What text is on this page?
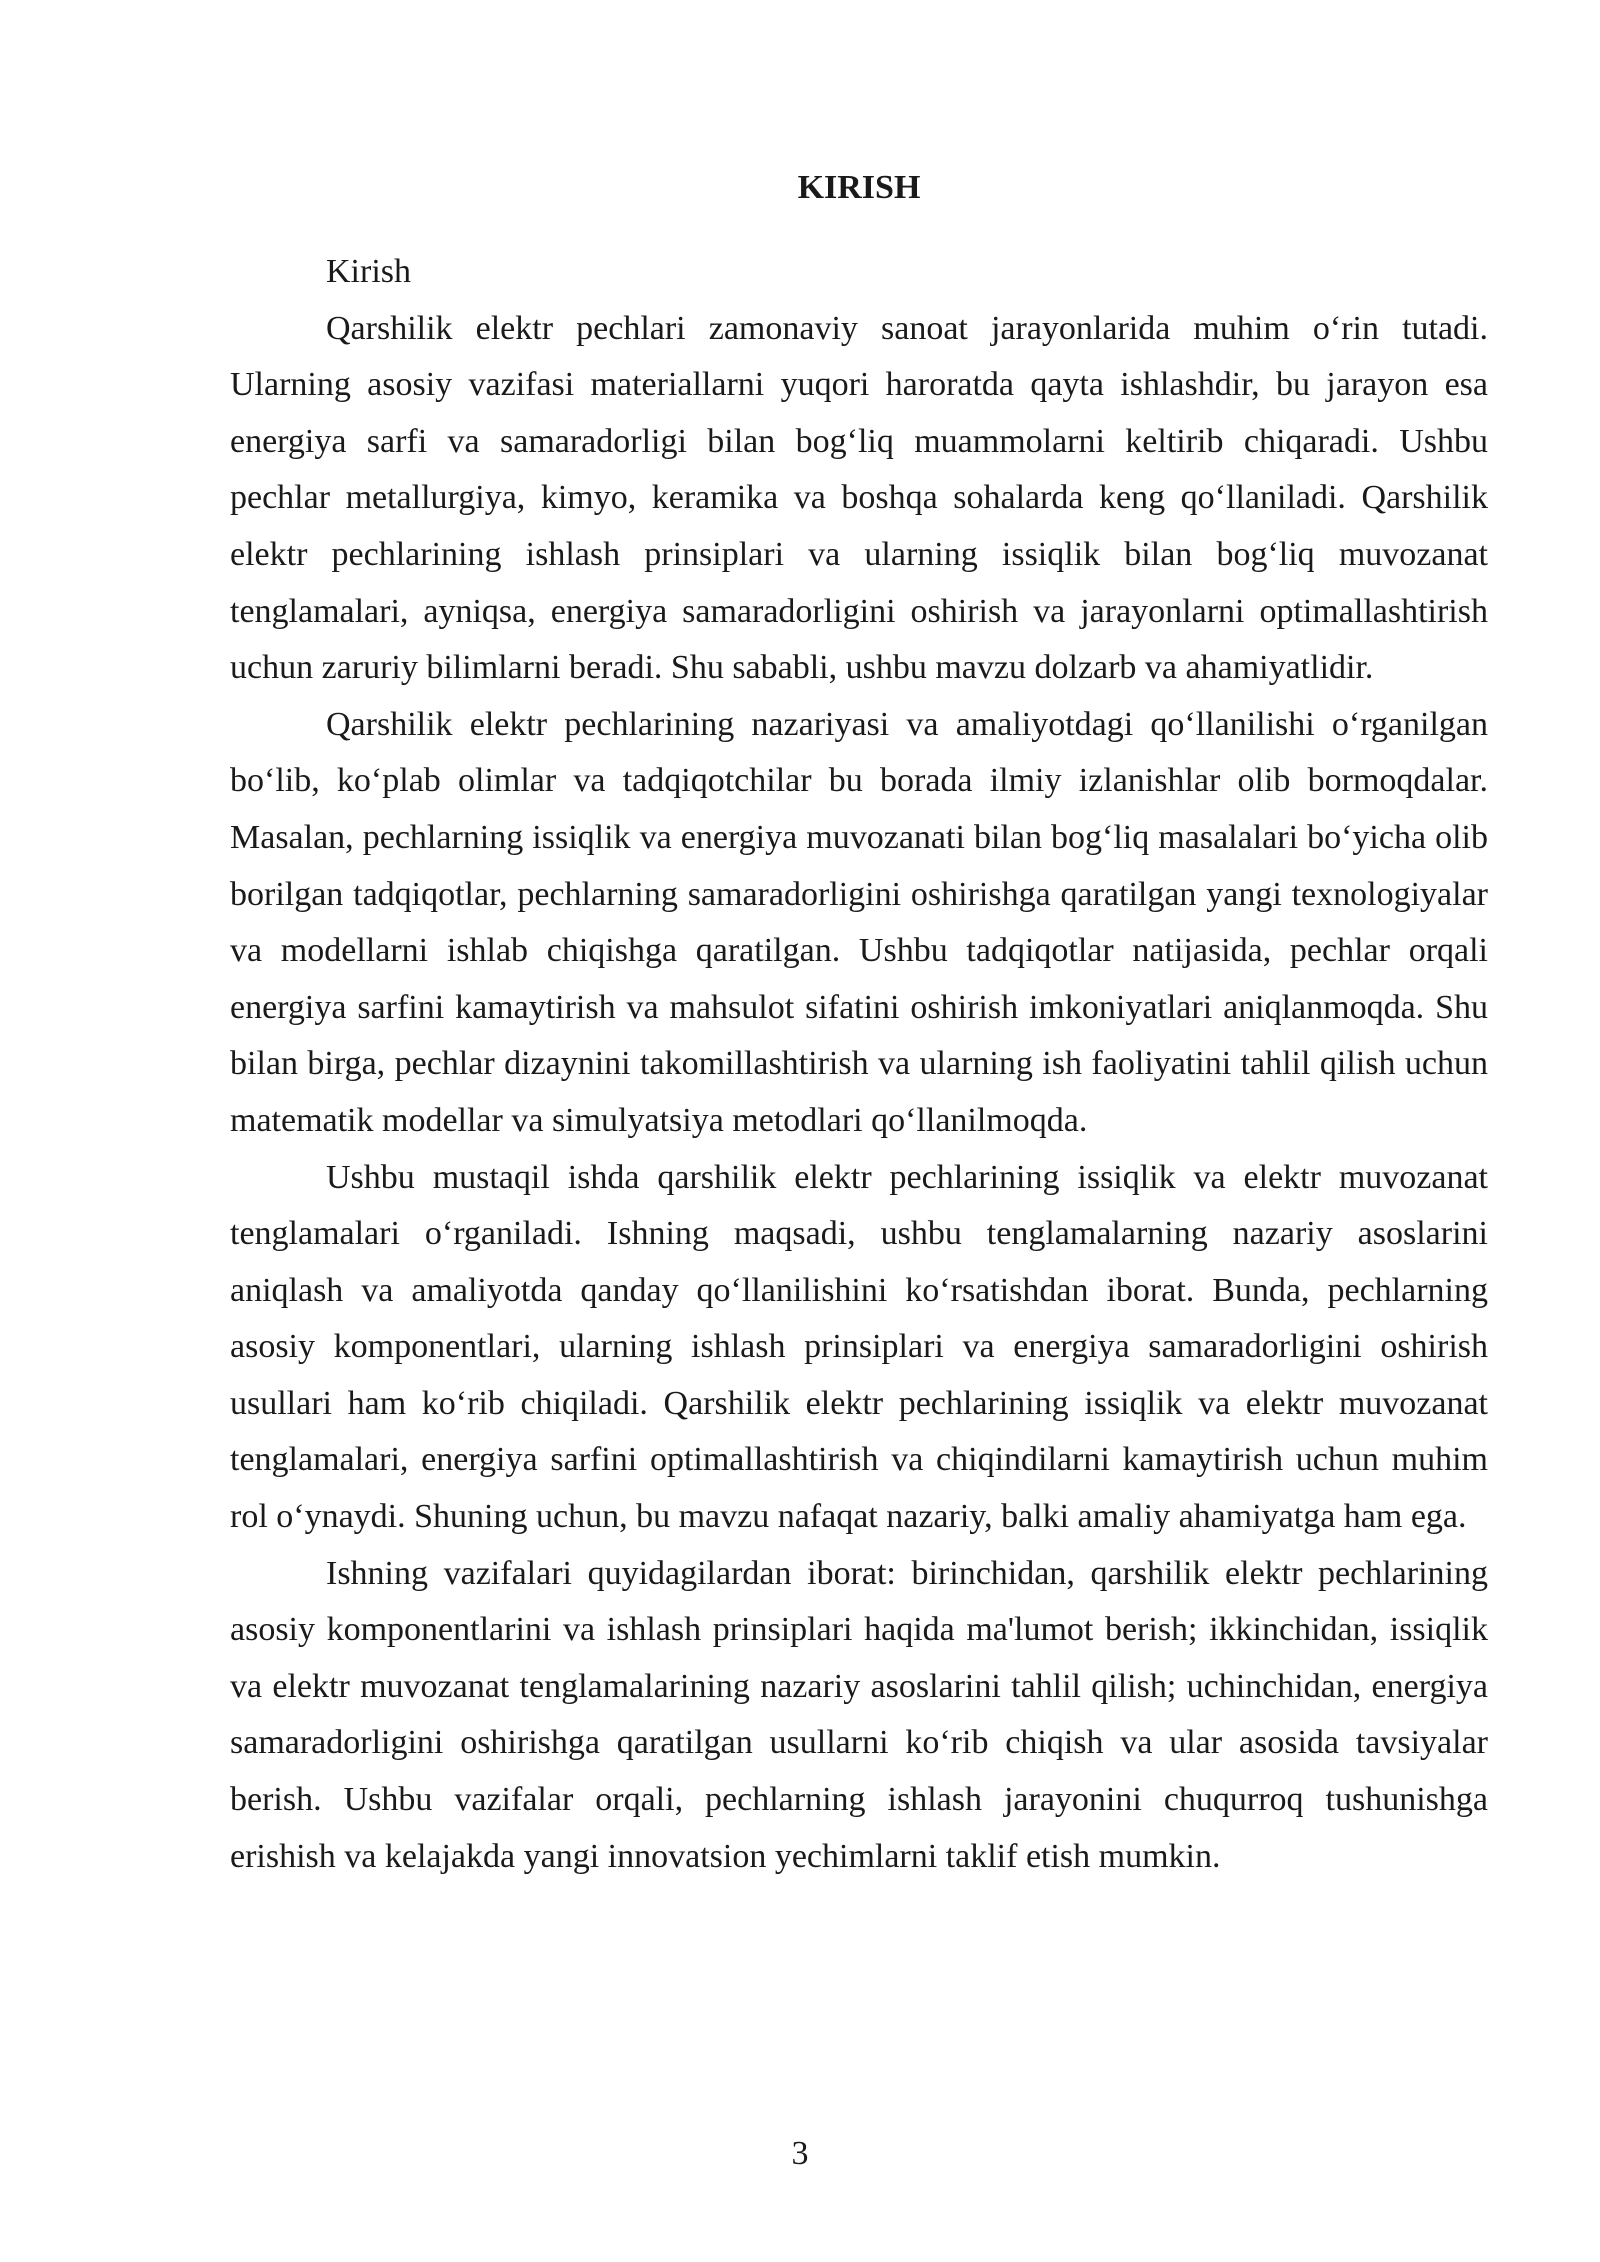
KIRISH

Kirish

Qarshilik elektr pechlari zamonaviy sanoat jarayonlarida muhim o‘rin tutadi. Ularning asosiy vazifasi materiallarni yuqori haroratda qayta ishlashdir, bu jarayon esa energiya sarfi va samaradorligi bilan bog‘liq muammolarni keltirib chiqaradi. Ushbu pechlar metallurgiya, kimyo, keramika va boshqa sohalarda keng qo‘llaniladi. Qarshilik elektr pechlarining ishlash prinsiplari va ularning issiqlik bilan bog‘liq muvozanat tenglamalari, ayniqsa, energiya samaradorligini oshirish va jarayonlarni optimallashtirish uchun zaruriy bilimlarni beradi. Shu sababli, ushbu mavzu dolzarb va ahamiyatlidir.

Qarshilik elektr pechlarining nazariyasi va amaliyotdagi qo‘llanilishi o‘rganilgan bo‘lib, ko‘plab olimlar va tadqiqotchilar bu borada ilmiy izlanishlar olib bormoqdalar. Masalan, pechlarning issiqlik va energiya muvozanati bilan bog‘liq masalalari bo‘yicha olib borilgan tadqiqotlar, pechlarning samaradorligini oshirishga qaratilgan yangi texnologiyalar va modellarni ishlab chiqishga qaratilgan. Ushbu tadqiqotlar natijasida, pechlar orqali energiya sarfini kamaytirish va mahsulot sifatini oshirish imkoniyatlari aniqlanmoqda. Shu bilan birga, pechlar dizaynini takomillashtirish va ularning ish faoliyatini tahlil qilish uchun matematik modellar va simulyatsiya metodlari qo‘llanilmoqda.

Ushbu mustaqil ishda qarshilik elektr pechlarining issiqlik va elektr muvozanat tenglamalari o‘rganiladi. Ishning maqsadi, ushbu tenglamalarning nazariy asoslarini aniqlash va amaliyotda qanday qo‘llanilishini ko‘rsatishdan iborat. Bunda, pechlarning asosiy komponentlari, ularning ishlash prinsiplari va energiya samaradorligini oshirish usullari ham ko‘rib chiqiladi. Qarshilik elektr pechlarining issiqlik va elektr muvozanat tenglamalari, energiya sarfini optimallashtirish va chiqindilarni kamaytirish uchun muhim rol o‘ynaydi. Shuning uchun, bu mavzu nafaqat nazariy, balki amaliy ahamiyatga ham ega.

Ishning vazifalari quyidagilardan iborat: birinchidan, qarshilik elektr pechlarining asosiy komponentlarini va ishlash prinsiplari haqida ma'lumot berish; ikkinchidan, issiqlik va elektr muvozanat tenglamalarining nazariy asoslarini tahlil qilish; uchinchidan, energiya samaradorligini oshirishga qaratilgan usullarni ko‘rib chiqish va ular asosida tavsiyalar berish. Ushbu vazifalar orqali, pechlarning ishlash jarayonini chuqurroq tushunishga erishish va kelajakda yangi innovatsion yechimlarni taklif etish mumkin.

3
